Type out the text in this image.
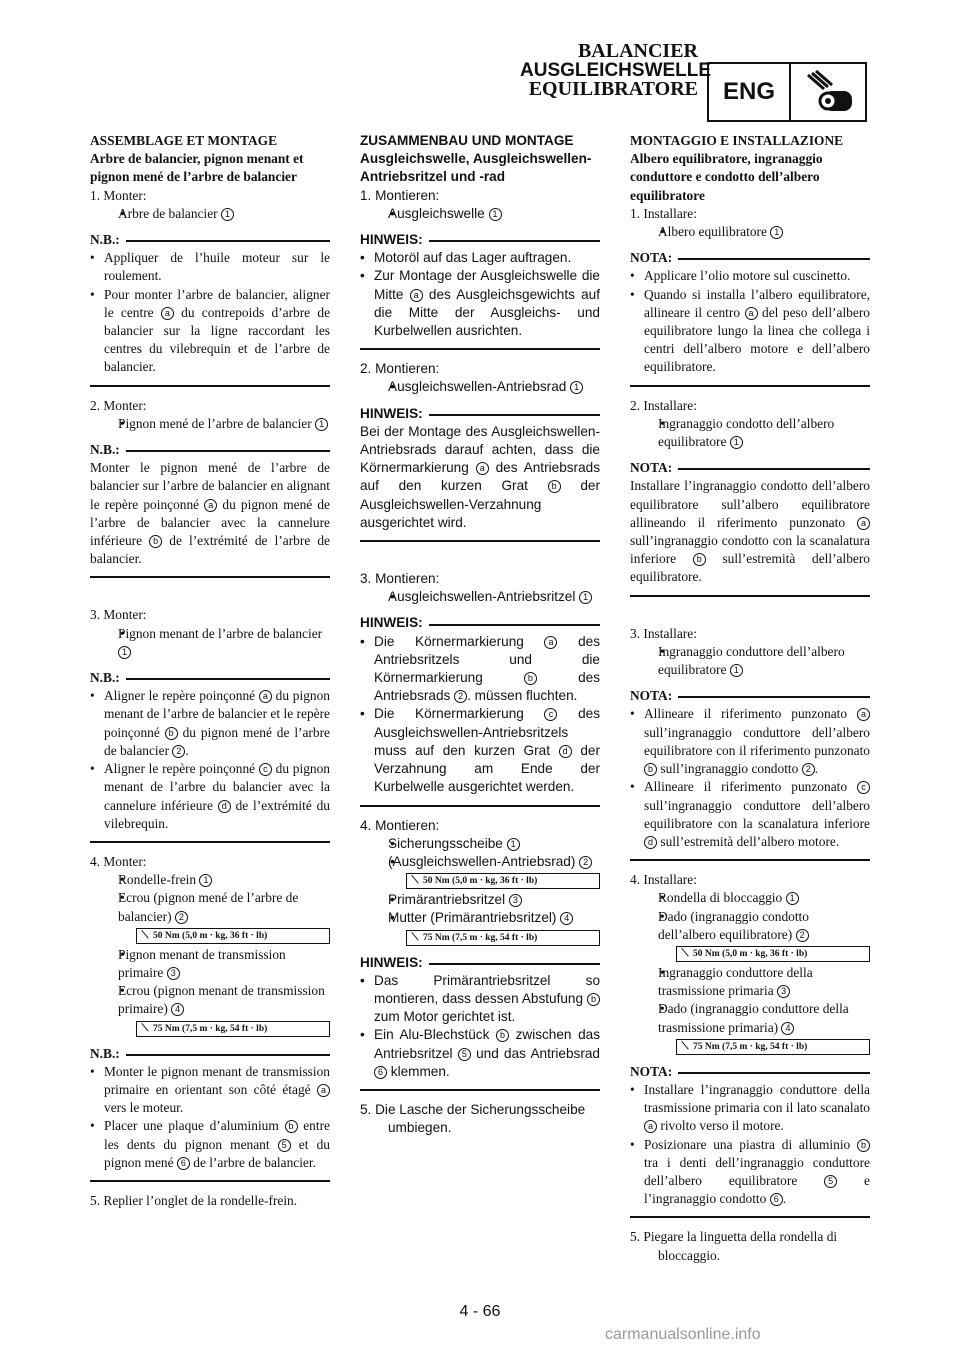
BALANCIER
AUSGLEICHSWELLE
EQUILIBRATORE	ENG
ASSEMBLAGE ET MONTAGE
Arbre de balancier, pignon menant et pignon mené de l’arbre de balancier
1. Monter:
• Arbre de balancier 1
N.B.:
• Appliquer de l’huile moteur sur le roulement.
• Pour monter l’arbre de balancier, aligner le centre a du contrepoids d’arbre de balancier sur la ligne raccordant les centres du vilebrequin et de l’arbre de balancier.
2. Monter:
• Pignon mené de l’arbre de balancier 1
N.B.:
Monter le pignon mené de l’arbre de balancier sur l’arbre de balancier en alignant le repère poinçonné a du pignon mené de l’arbre de balancier avec la cannelure inférieure b de l’extrémité de l’arbre de balancier.
3. Monter:
• Pignon menant de l’arbre de balancier 1
N.B.:
• Aligner le repère poinçonné a du pignon menant de l’arbre de balancier et le repère poinçonné b du pignon mené de l’arbre de balancier 2 .
• Aligner le repère poinçonné c du pignon menant de l’arbre du balancier avec la cannelure inférieure d de l’extrémité du vilebrequin.
4. Monter:
• Rondelle-frein 1
• Ecrou (pignon mené de l’arbre de balancier) 2
⟍ 50 Nm (5,0 m · kg, 36 ft · lb)
• Pignon menant de transmission primaire 3
• Ecrou (pignon menant de transmission primaire) 4
⟍ 75 Nm (7,5 m · kg, 54 ft · lb)
N.B.:
• Monter le pignon menant de transmission primaire en orientant son côté étagé a vers le moteur.
• Placer une plaque d’aluminium b entre les dents du pignon menant 5 et du pignon mené 6 de l’arbre de balancier.
5. Replier l’onglet de la rondelle-frein.
ZUSAMMENBAU UND MONTAGE
Ausgleichswelle, Ausgleichswellen-Antriebsritzel und -rad
1. Montieren:
• Ausgleichswelle 1
HINWEIS:
• Motoröl auf das Lager auftragen.
• Zur Montage der Ausgleichswelle die Mitte a des Ausgleichsgewichts auf die Mitte der Ausgleichs- und Kurbelwellen ausrichten.
2. Montieren:
• Ausgleichswellen-Antriebsrad 1
HINWEIS:
Bei der Montage des Ausgleichswellen-Antriebsrads darauf achten, dass die Körnermarkierung a des Antriebsrads auf den kurzen Grat	b der Ausgleichswellen-Verzahnung ausgerichtet wird.
3. Montieren:
• Ausgleichswellen-Antriebsritzel 1
HINWEIS:
• Die Körnermarkierung	a des Antriebsritzels und die Körnermarkierung	b	des Antriebsrads 2 . müssen fluchten.
• Die Körnermarkierung	c des Ausgleichswellen-Antriebsritzels muss auf den kurzen Grat d der Verzahnung am Ende der Kurbelwelle ausgerichtet werden.
4. Montieren:
• Sicherungsscheibe 1
• (Ausgleichswellen-Antriebsrad) 2
⟍ 50 Nm (5,0 m · kg, 36 ft · lb)
• Primärantriebsritzel 3
• Mutter (Primärantriebsritzel) 4
⟍ 75 Nm (7,5 m · kg, 54 ft · lb)
HINWEIS:
• Das Primärantriebsritzel so montieren, dass dessen Abstufung b zum Motor gerichtet ist.
• Ein Alu-Blechstück b zwischen das Antriebsritzel 5 und das Antriebsrad 6 klemmen.
5. Die Lasche der Sicherungsscheibe umbiegen.
MONTAGGIO E INSTALLAZIONE
Albero equilibratore, ingranaggio conduttore e condotto dell’albero equilibratore
1. Installare:
• Albero equilibratore 1
NOTA:
• Applicare l’olio motore sul cuscinetto.
• Quando si installa l’albero equilibratore, allineare il centro a del peso dell’albero equilibratore lungo la linea che collega i centri dell’albero motore e dell’albero equilibratore.
2. Installare:
• Ingranaggio condotto dell’albero equilibratore 1
NOTA:
Installare l’ingranaggio condotto dell’albero equilibratore sull’albero equilibratore allineando il riferimento punzonato a sull’ingranaggio condotto con la scanalatura inferiore b sull’estremità dell’albero equilibratore.
3. Installare:
• Ingranaggio conduttore dell’albero equilibratore 1
NOTA:
• Allineare il riferimento punzonato a sull’ingranaggio conduttore dell’albero equilibratore con il riferimento punzonato b sull’ingranaggio condotto 2 .
• Allineare il riferimento punzonato c sull’ingranaggio conduttore dell’albero equilibratore con la scanalatura inferiore d sull’estremità dell’albero motore.
4. Installare:
• Rondella di bloccaggio 1
• Dado (ingranaggio condotto dell’albero equilibratore) 2
⟍ 50 Nm (5,0 m · kg, 36 ft · lb)
• Ingranaggio conduttore della trasmissione primaria 3
• Dado (ingranaggio conduttore della trasmissione primaria) 4
⟍ 75 Nm (7,5 m · kg, 54 ft · lb)
NOTA:
• Installare l’ingranaggio conduttore della trasmissione primaria con il lato scanalato a rivolto verso il motore.
• Posizionare una piastra di alluminio b tra i denti dell’ingranaggio conduttore dell’albero equilibratore	5 e l’ingranaggio condotto 6 .
5. Piegare la linguetta della rondella di bloccaggio.
4 - 66
carmanualsonline.info
